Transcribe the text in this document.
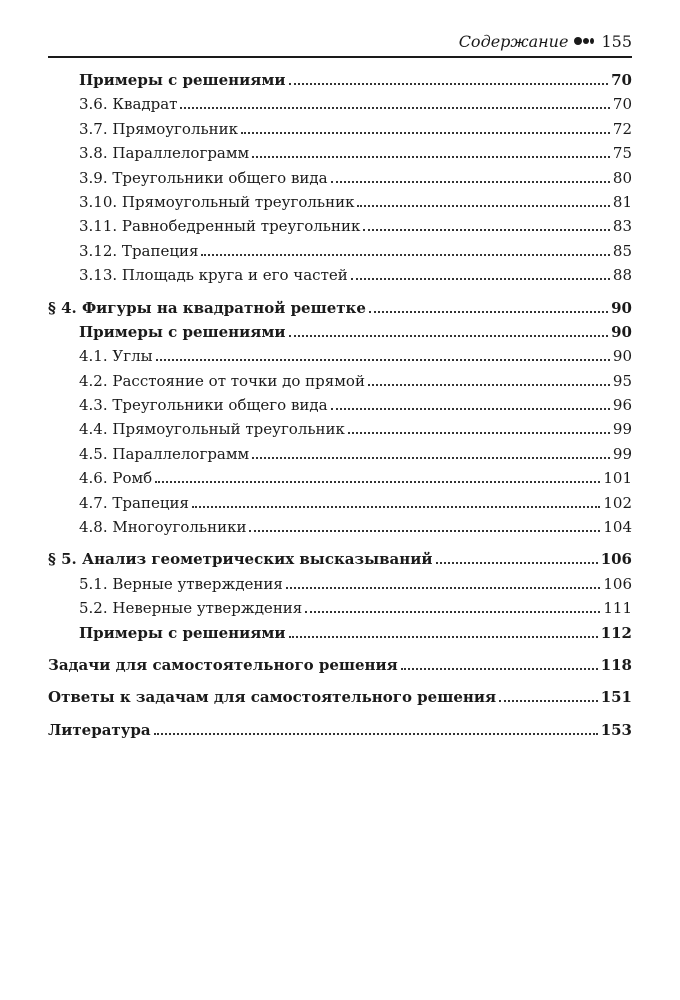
Содержание 155
Примеры с решениями	70
3.6. Квадрат	70
3.7. Прямоугольник	72
3.8. Параллелограмм	75
3.9. Треугольники общего вида	80
3.10. Прямоугольный треугольник	81
3.11. Равнобедренный треугольник	83
3.12. Трапеция	85
3.13. Площадь круга и его частей	88
§ 4. Фигуры на квадратной решетке	90
Примеры с решениями	90
4.1. Углы	90
4.2. Расстояние от точки до прямой	95
4.3. Треугольники общего вида	96
4.4. Прямоугольный треугольник	99
4.5. Параллелограмм	99
4.6. Ромб	101
4.7. Трапеция	102
4.8. Многоугольники	104
§ 5. Анализ геометрических высказываний	106
5.1. Верные утверждения	106
5.2. Неверные утверждения	111
Примеры с решениями	112
Задачи для самостоятельного решения	118
Ответы к задачам для самостоятельного решения	151
Литература	153
